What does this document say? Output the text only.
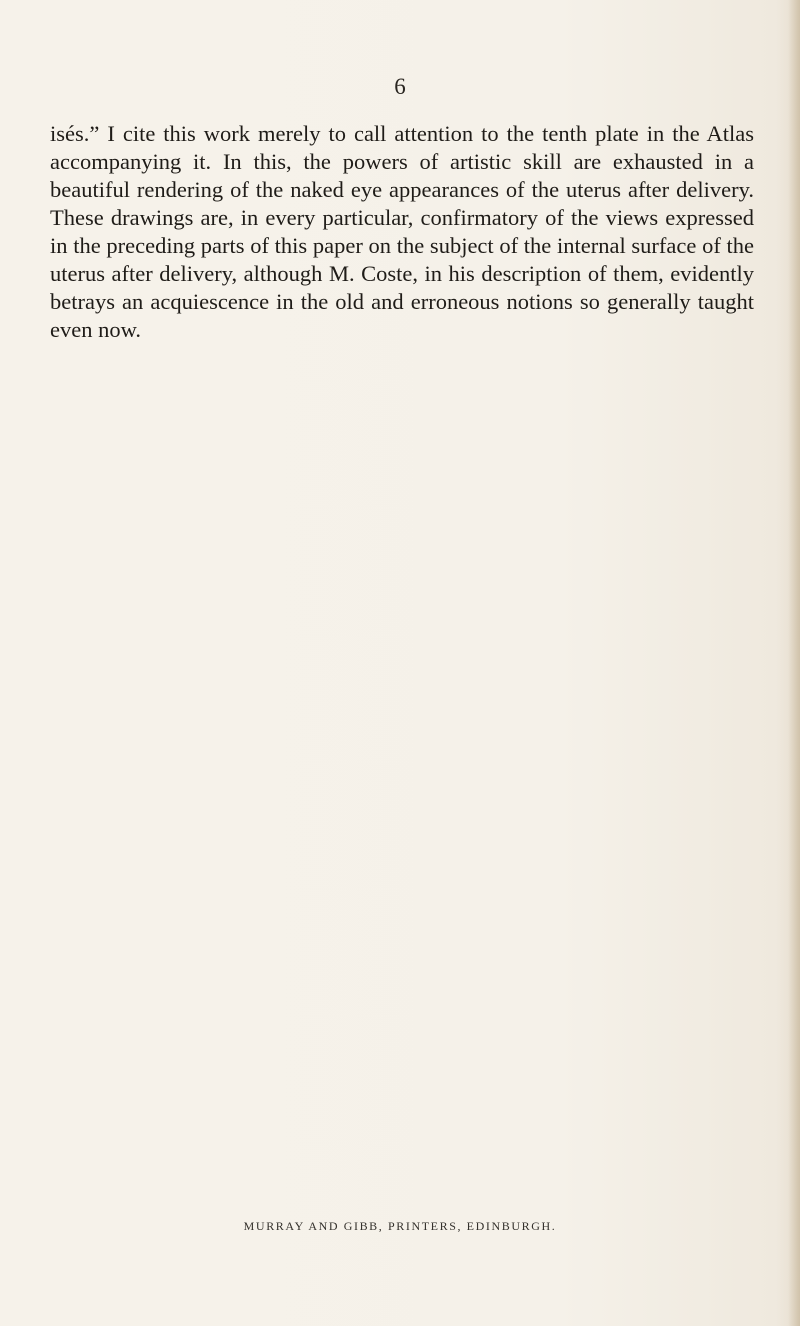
6

isés.” I cite this work merely to call attention to the tenth plate in the Atlas accompanying it. In this, the powers of artistic skill are exhausted in a beautiful rendering of the naked eye appearances of the uterus after delivery. These drawings are, in every particular, confirmatory of the views expressed in the preceding parts of this paper on the subject of the internal surface of the uterus after delivery, although M. Coste, in his description of them, evidently betrays an acquiescence in the old and erroneous notions so generally taught even now.

MURRAY AND GIBB, PRINTERS, EDINBURGH.
